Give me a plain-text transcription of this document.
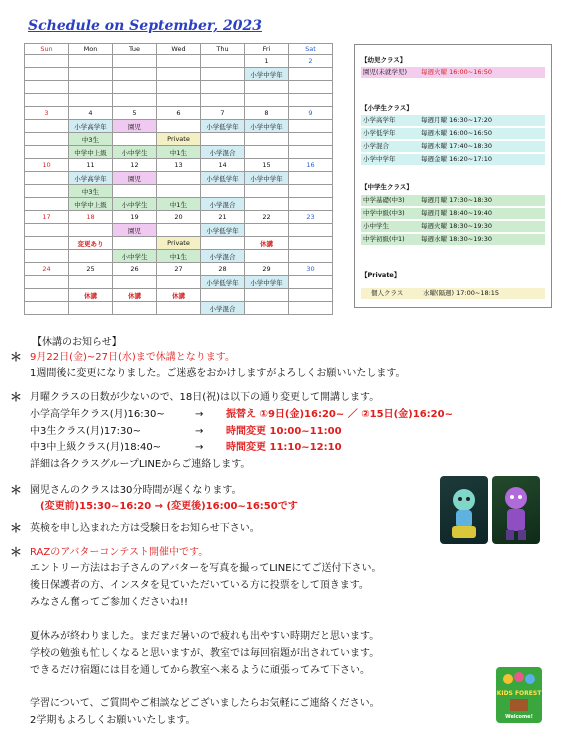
Schedule on September, 2023
Sun	Mon	Tue	Wed	Thu	Fri	Sat
					1	2
					小学中学年	

3	4	5	6	7	8	9
	小学高学年	園児		小学低学年	小学中学年	
	中3生		Private			
	中学中上級	小中学生	中1生	小学混合		
10	11	12	13	14	15	16
	小学高学年	園児		小学低学年	小学中学年	
	中3生					
	中学中上級	小中学生	中1生	小学混合		
17	18	19	20	21	22	23
		園児		小学低学年		
	変更あり		Private		休講	
		小中学生	中1生	小学混合		
24	25	26	27	28	29	30
				小学低学年	小学中学年	
	休講	休講	休講			
				小学混合		
【幼児クラス】
園児(未就学児)	毎週火曜 16:00~16:50
【小学生クラス】
小学高学年	毎週月曜 16:30~17:20
小学低学年	毎週木曜 16:00~16:50
小学混合	毎週木曜 17:40~18:30
小学中学年	毎週金曜 16:20~17:10
【中学生クラス】
中学基礎(中3)	毎週月曜 17:30~18:30
中学中級(中3)	毎週月曜 18:40~19:40
小中学生	毎週火曜 18:30~19:30
中学初級(中1)	毎週水曜 18:30~19:30
【Private】
個人クラス	水曜(隔週) 17:00~18:15
【休講のお知らせ】
＊ 9月22日(金)~27日(水)まで休講となります。
1週間後に変更になりました。ご迷惑をおかけしますがよろしくお願いいたします。
＊ 月曜クラスの日数が少ないので、18日(祝)は以下の通り変更して開講します。
小学高学年クラス(月)16:30~	→ 振替え ①9日(金)16:20~ ／ ②15日(金)16:20~
中3生クラス(月)17:30~	→ 時間変更 10:00~11:00
中3中上級クラス(月)18:40~	→ 時間変更 11:10~12:10
詳細は各クラスグループLINEからご連絡します。
＊ 園児さんのクラスは30分時間が遅くなります。
(変更前)15:30~16:20 → (変更後)16:00~16:50です
＊ 英検を申し込まれた方は受験日をお知らせ下さい。
＊ RAZのアバターコンテスト開催中です。
エントリー方法はお子さんのアバターを写真を撮ってLINEにてご送付下さい。
後日保護者の方、インスタを見ていただいている方に投票をして頂きます。
みなさん奮ってご参加くださいね!!
夏休みが終わりました。まだまだ暑いので疲れも出やすい時期だと思います。
学校の勉強も忙しくなると思いますが、教室では毎回宿題が出されています。
できるだけ宿題には目を通してから教室へ来るように頑張ってみて下さい。
学習について、ご質問やご相談などございましたらお気軽にご連絡ください。
2学期もよろしくお願いいたします。
KIDS FOREST
Welcome!
